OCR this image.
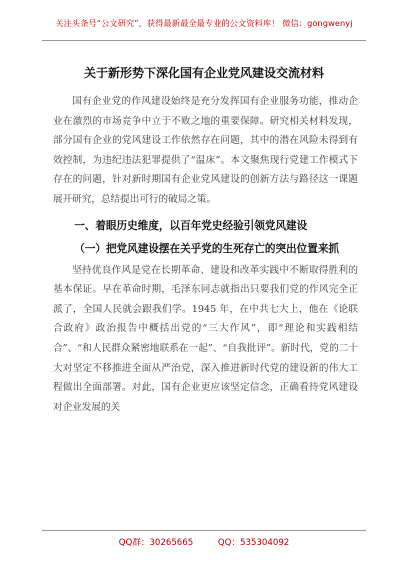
关注头条号“公文研究”，获得最新最全最专业的公文资料库！ 微信：gongwenyj
关于新形势下深化国有企业党风建设交流材料

国有企业党的作风建设始终是充分发挥国有企业服务功能，推动企业在激烈的市场竞争中立于不败之地的重要保障。研究相关材料发现，部分国有企业的党风建设工作依然存在问题，其中的潜在风险未得到有效控制，为违纪违法犯罪提供了“温床”。本文聚焦现行党建工作模式下存在的问题，针对新时期国有企业党风建设的创新方法与路径这一课题展开研究，总结提出可行的破局之策。

一、着眼历史维度，以百年党史经验引领党风建设
（一）把党风建设摆在关乎党的生死存亡的突出位置来抓

坚持优良作风是党在长期革命、建设和改革实践中不断取得胜利的基本保证。早在革命时期，毛泽东同志就指出只要我们党的作风完全正派了，全国人民就会跟我们学。1945 年，在中共七大上，他在《论联合政府》政治报告中概括出党的“三大作风”，即“理论和实践相结合”、“和人民群众紧密地联系在一起”、“自我批评”。新时代，党的二十大对坚定不移推进全面从严治党，深入推进新时代党的建设新的伟大工程做出全面部署。对此，国有企业更应该坚定信念，正确看待党风建设对企业发展的关

QQ群：30265665 QQ：535304092
